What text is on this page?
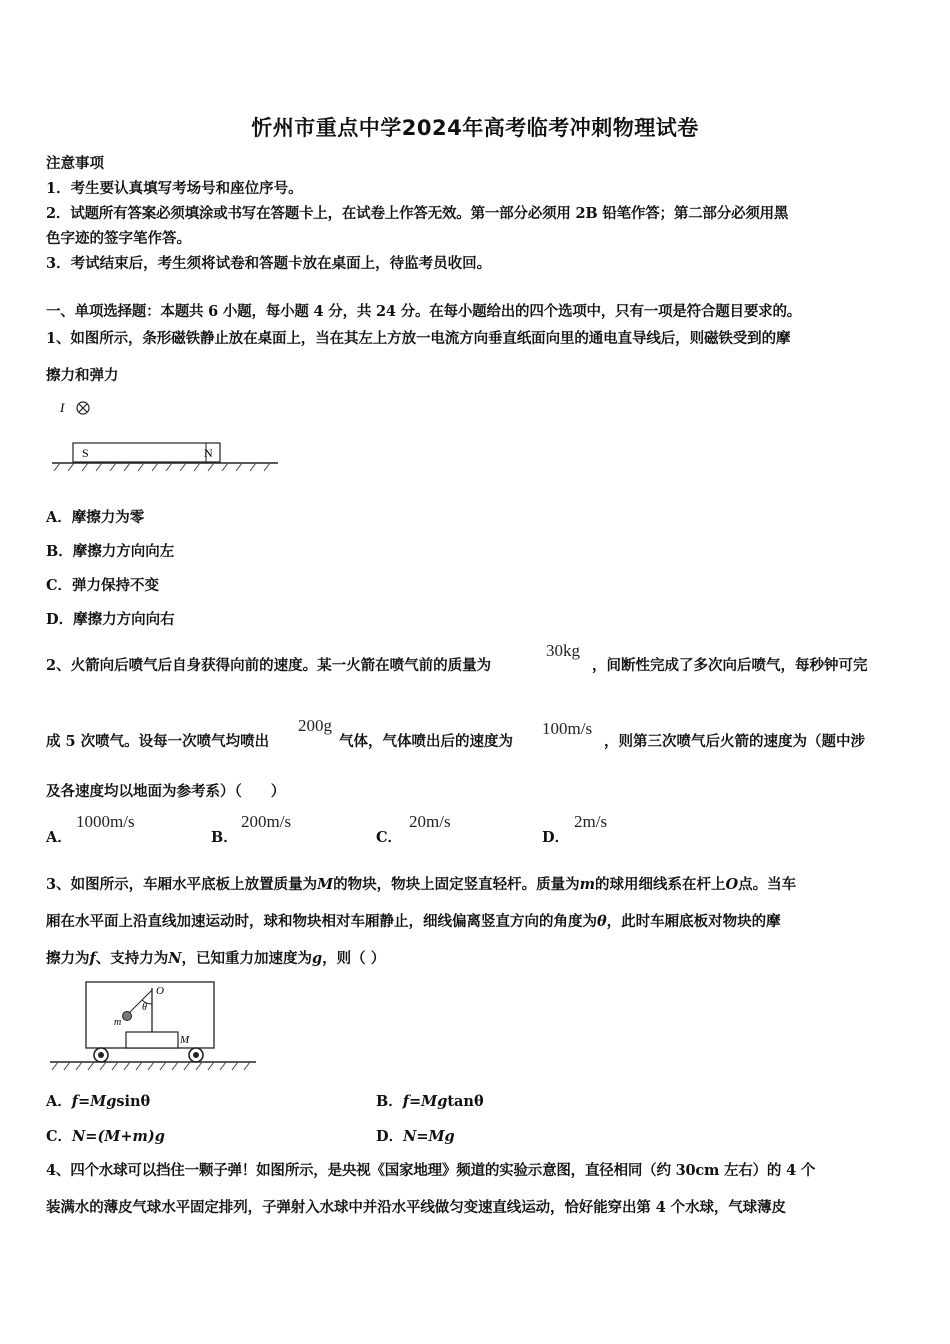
忻州市重点中学2024年高考临考冲刺物理试卷
注意事项
1．考生要认真填写考场号和座位序号。
2．试题所有答案必须填涂或书写在答题卡上，在试卷上作答无效。第一部分必须用 2B 铅笔作答；第二部分必须用黑
色字迹的签字笔作答。
3．考试结束后，考生须将试卷和答题卡放在桌面上，待监考员收回。
一、单项选择题：本题共 6 小题，每小题 4 分，共 24 分。在每小题给出的四个选项中，只有一项是符合题目要求的。
1、如图所示，条形磁铁静止放在桌面上，当在其左上方放一电流方向垂直纸面向里的通电直导线后，则磁铁受到的摩
擦力和弹力
I
S	N
A．摩擦力为零
B．摩擦力方向向左
C．弹力保持不变
D．摩擦力方向向右
2、火箭向后喷气后自身获得向前的速度。某一火箭在喷气前的质量为
30kg
，间断性完成了多次向后喷气，每秒钟可完
成 5 次喷气。设每一次喷气均喷出
200g
气体，气体喷出后的速度为
100m/s
，则第三次喷气后火箭的速度为（题中涉
及各速度均以地面为参考系）（　　）
A．
1000m/s
B．
200m/s
C．
20m/s
D．
2m/s
3、如图所示，车厢水平底板上放置质量为M的物块，物块上固定竖直轻杆。质量为m的球用细线系在杆上O点。当车
厢在水平面上沿直线加速运动时，球和物块相对车厢静止，细线偏离竖直方向的角度为θ，此时车厢底板对物块的摩
擦力为f、支持力为N，已知重力加速度为g，则（ ）
O
θ
m
M
A．f=Mgsinθ	B．f=Mgtanθ
C．N=(M+m)g	D．N=Mg
4、四个水球可以挡住一颗子弹！如图所示，是央视《国家地理》频道的实验示意图，直径相同（约 30cm 左右）的 4 个
装满水的薄皮气球水平固定排列，子弹射入水球中并沿水平线做匀变速直线运动，恰好能穿出第 4 个水球，气球薄皮
